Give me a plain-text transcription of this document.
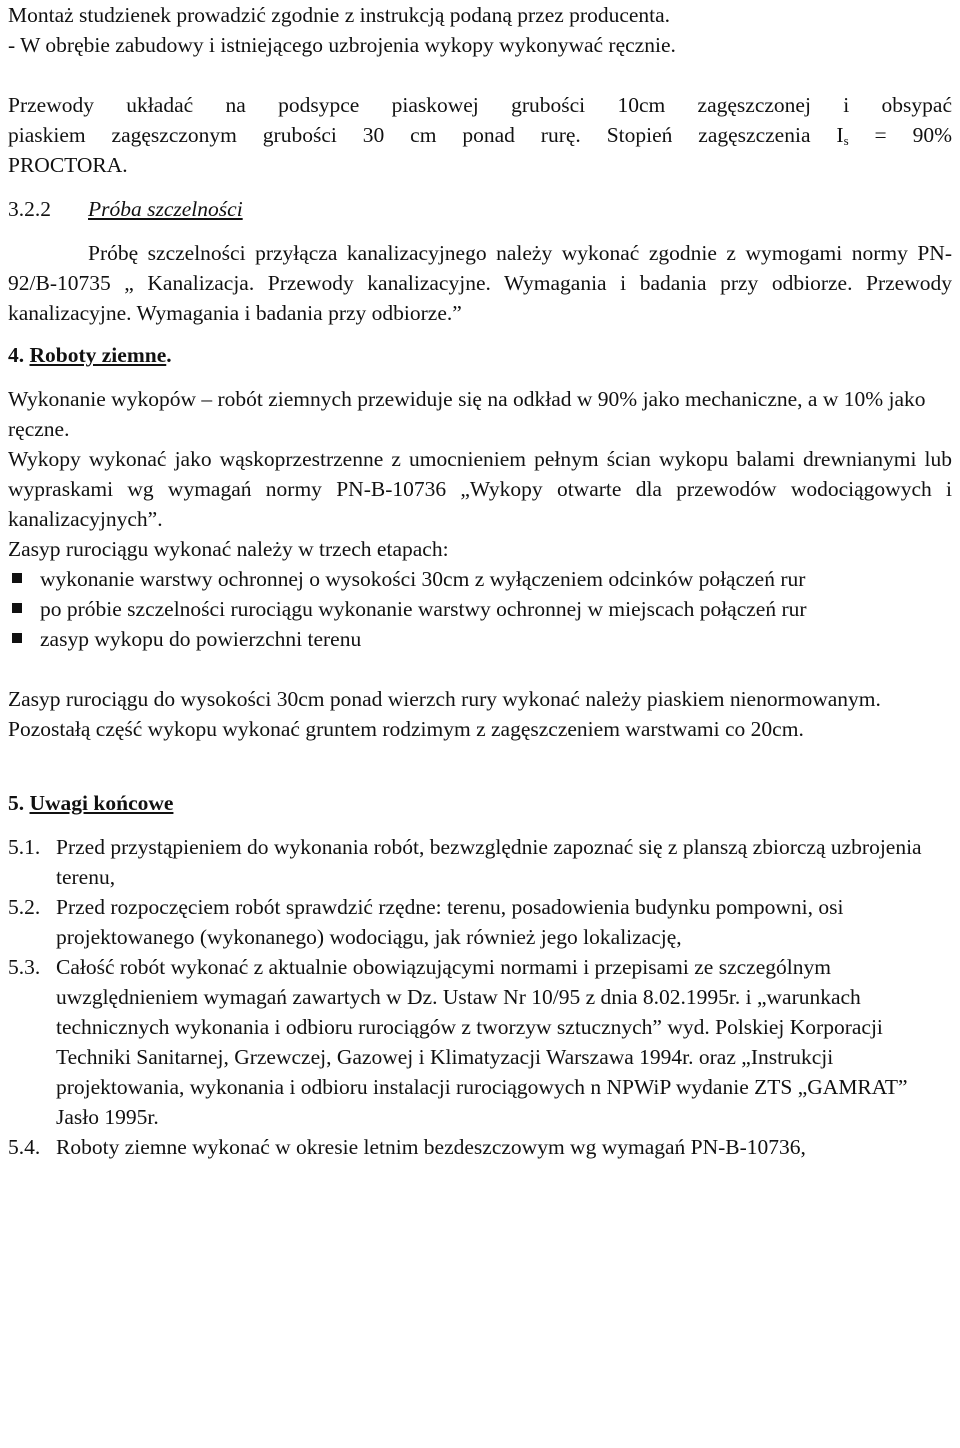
Montaż studzienek prowadzić zgodnie z instrukcją podaną przez producenta.
- W obrębie zabudowy i istniejącego uzbrojenia wykopy wykonywać ręcznie.
Przewody układać na podsypce piaskowej grubości 10cm zagęszczonej i obsypać
piaskiem zagęszczonym grubości 30 cm ponad rurę. Stopień zagęszczenia $I_s = 90\%$
PROCTORA.
3.2.2 Próba szczelności
Próbę szczelności przyłącza kanalizacyjnego należy wykonać zgodnie z wymogami normy PN-92/B-10735 „ Kanalizacja. Przewody kanalizacyjne. Wymagania i badania przy odbiorze. Przewody kanalizacyjne. Wymagania i badania przy odbiorze.”
4. Roboty ziemne.
Wykonanie wykopów – robót ziemnych przewiduje się na odkład w 90% jako mechaniczne, a w 10% jako ręczne.
Wykopy wykonać jako wąskoprzestrzenne z umocnieniem pełnym ścian wykopu balami drewnianymi lub wypraskami wg wymagań normy PN-B-10736 „Wykopy otwarte dla przewodów wodociągowych i kanalizacyjnych”.
Zasyp rurociągu wykonać należy w trzech etapach:
wykonanie warstwy ochronnej o wysokości 30cm z wyłączeniem odcinków połączeń rur
po próbie szczelności rurociągu wykonanie warstwy ochronnej w miejscach połączeń rur
zasyp wykopu do powierzchni terenu
Zasyp rurociągu do wysokości 30cm ponad wierzch rury wykonać należy piaskiem nienormowanym.
Pozostałą część wykopu wykonać gruntem rodzimym z zagęszczeniem warstwami co 20cm.
5. Uwagi końcowe
5.1. Przed przystąpieniem do wykonania robót, bezwzględnie zapoznać się z planszą zbiorczą uzbrojenia terenu,
5.2. Przed rozpoczęciem robót sprawdzić rzędne: terenu, posadowienia budynku pompowni, osi projektowanego (wykonanego) wodociągu, jak również jego lokalizację,
5.3. Całość robót wykonać z aktualnie obowiązującymi normami i przepisami ze szczególnym uwzględnieniem wymagań zawartych w Dz. Ustaw Nr 10/95 z dnia 8.02.1995r. i „warunkach technicznych wykonania i odbioru rurociągów z tworzyw sztucznych” wyd. Polskiej Korporacji Techniki Sanitarnej, Grzewczej, Gazowej i Klimatyzacji Warszawa 1994r. oraz „Instrukcji projektowania, wykonania i odbioru instalacji rurociągowych n NPWiP wydanie ZTS „GAMRAT” Jasło 1995r.
5.4. Roboty ziemne wykonać w okresie letnim bezdeszczowym wg wymagań PN-B-10736,
